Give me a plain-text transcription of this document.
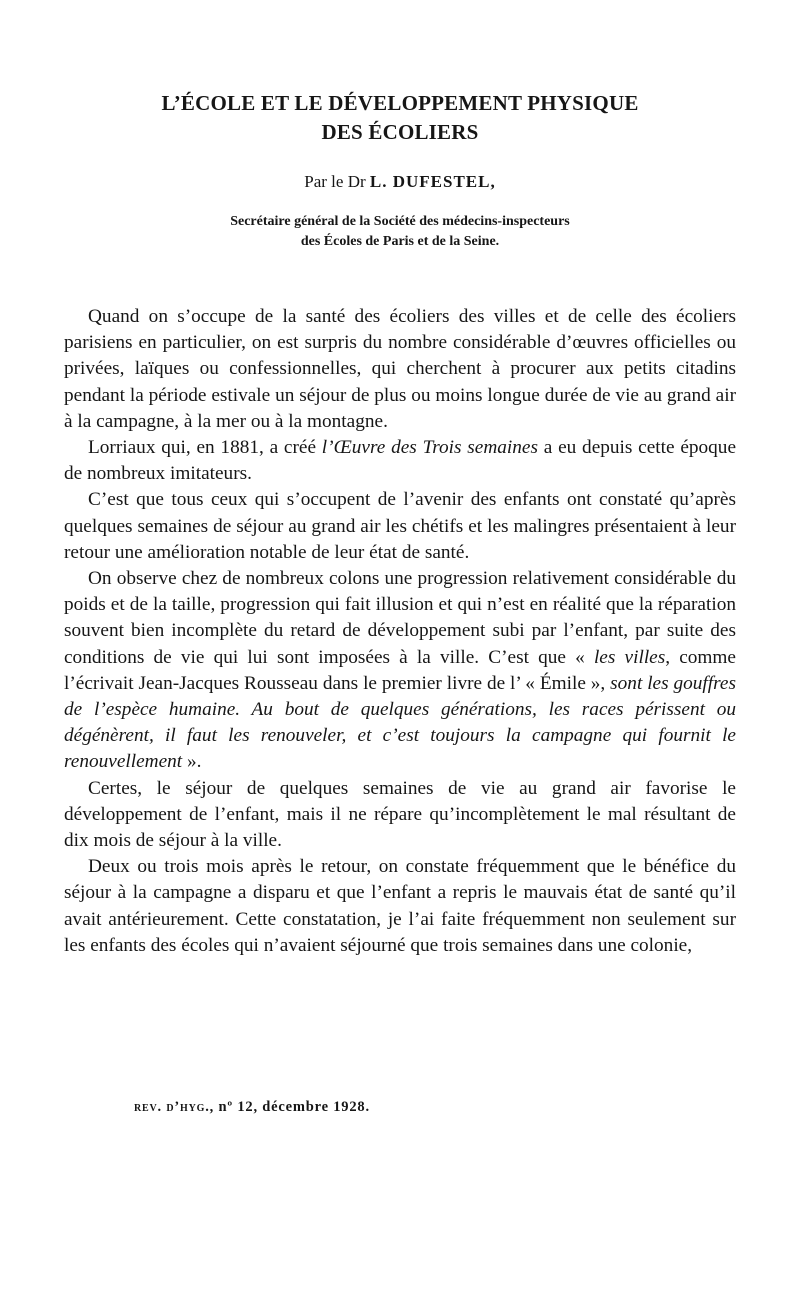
L’ÉCOLE ET LE DÉVELOPPEMENT PHYSIQUE
DES ÉCOLIERS
Par le Dr L. DUFESTEL,
Secrétaire général de la Société des médecins-inspecteurs
des Écoles de Paris et de la Seine.

Quand on s’occupe de la santé des écoliers des villes et de celle des écoliers parisiens en particulier, on est surpris du nombre considérable d’œuvres officielles ou privées, laïques ou confessionnelles, qui cherchent à procurer aux petits citadins pendant la période estivale un séjour de plus ou moins longue durée de vie au grand air à la campagne, à la mer ou à la montagne.

Lorriaux qui, en 1881, a créé l’Œuvre des Trois semaines a eu depuis cette époque de nombreux imitateurs.

C’est que tous ceux qui s’occupent de l’avenir des enfants ont constaté qu’après quelques semaines de séjour au grand air les chétifs et les malingres présentaient à leur retour une amélioration notable de leur état de santé.

On observe chez de nombreux colons une progression relativement considérable du poids et de la taille, progression qui fait illusion et qui n’est en réalité que la réparation souvent bien incomplète du retard de développement subi par l’enfant, par suite des conditions de vie qui lui sont imposées à la ville. C’est que « les villes, comme l’écrivait Jean-Jacques Rousseau dans le premier livre de l’ « Émile », sont les gouffres de l’espèce humaine. Au bout de quelques générations, les races périssent ou dégénèrent, il faut les renouveler, et c’est toujours la campagne qui fournit le renouvellement ».

Certes, le séjour de quelques semaines de vie au grand air favorise le développement de l’enfant, mais il ne répare qu’incomplètement le mal résultant de dix mois de séjour à la ville.

Deux ou trois mois après le retour, on constate fréquemment que le bénéfice du séjour à la campagne a disparu et que l’enfant a repris le mauvais état de santé qu’il avait antérieurement. Cette constatation, je l’ai faite fréquemment non seulement sur les enfants des écoles qui n’avaient séjourné que trois semaines dans une colonie,

rev. d’hyg., nº 12, décembre 1928.
